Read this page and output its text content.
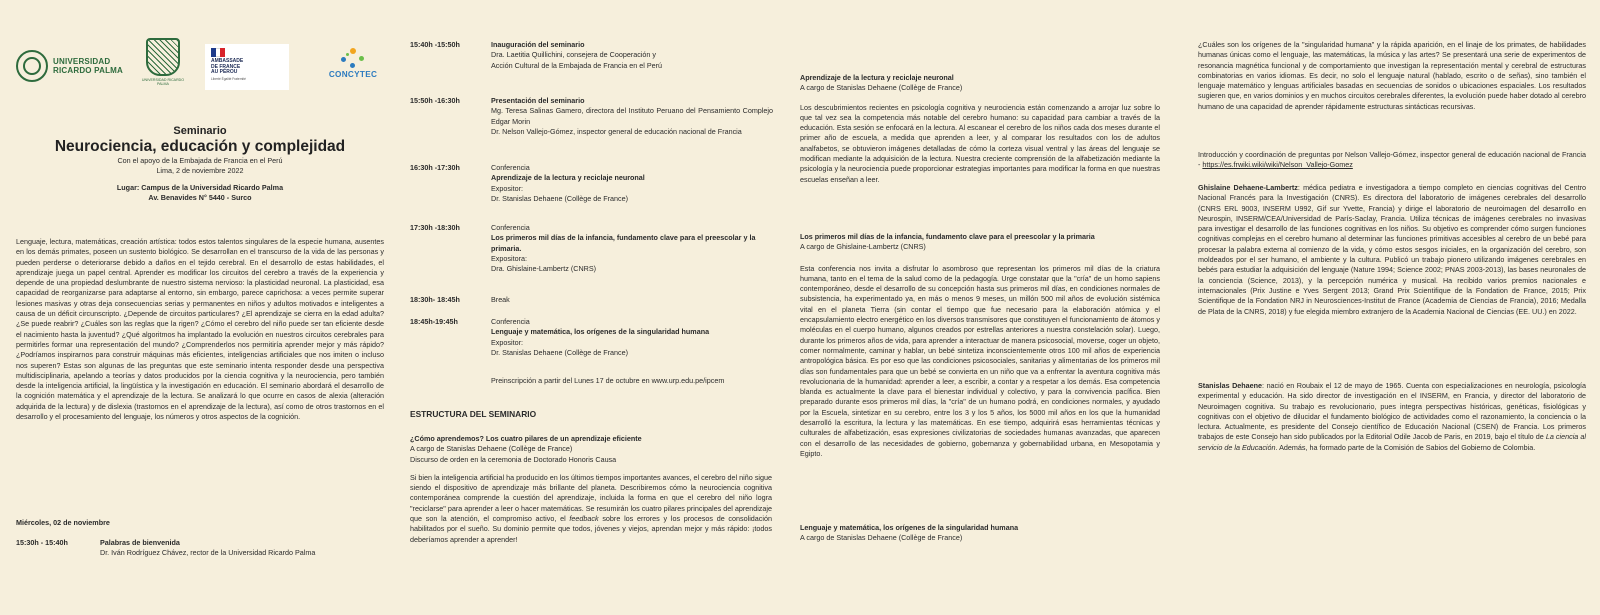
UNIVERSIDAD
RICARDO PALMA
UNIVERSIDAD RICARDO PALMA
AMBASSADE
DE FRANCE
AU PÉROU
Liberté Égalité Fraternité	CONCYTEC
Seminario
Neurociencia, educación y complejidad
Con el apoyo de la Embajada de Francia en el Perú
Lima, 2 de noviembre 2022
Lugar: Campus de la Universidad Ricardo Palma
Av. Benavides N° 5440 - Surco

Lenguaje, lectura, matemáticas, creación artística: todos estos talentos singulares de la especie humana, ausentes en los demás primates, poseen un sustento biológico. Se desarrollan en el transcurso de la vida de las personas y pueden perderse o deteriorarse debido a daños en el tejido cerebral. En el desarrollo de estas habilidades, el aprendizaje juega un papel central. Aprender es modificar los circuitos del cerebro a través de la experiencia y depende de una propiedad deslumbrante de nuestro sistema nervioso: la plasticidad neuronal. La plasticidad, esa capacidad de reorganizarse para adaptarse al entorno, sin embargo, parece caprichosa: a veces permite superar lesiones masivas y otras deja consecuencias serias y permanentes en niños y adultos motivados e inteligentes a causa de un déficit circunscripto. ¿Depende de circuitos particulares? ¿El aprendizaje se cierra en la edad adulta? ¿Se puede reabrir? ¿Cuáles son las reglas que la rigen? ¿Cómo el cerebro del niño puede ser tan eficiente desde el nacimiento hasta la juventud? ¿Qué algoritmos ha implantado la evolución en nuestros circuitos cerebrales para permitirles formar una representación del mundo? ¿Comprenderlos nos permitiría aprender mejor y más rápido? ¿Podríamos inspirarnos para construir máquinas más eficientes, inteligencias artificiales que nos imiten o incluso nos superen? Estas son algunas de las preguntas que este seminario intenta responder desde una perspectiva multidisciplinaria, apelando a teorías y datos producidos por la ciencia cognitiva y la neurociencia, pero también desde la inteligencia artificial, la lingüística y la investigación en educación. El seminario abordará el desarrollo de la cognición matemática y el aprendizaje de la lectura. Se analizará lo que ocurre en casos de alexia (alteración adquirida de la lectura) y de dislexia (trastornos en el aprendizaje de la lectura), así como de otros trastornos en el desarrollo y el procesamiento del lenguaje, los números y otros aspectos de la cognición.

Miércoles, 02 de noviembre
15:30h - 15:40h	Palabras de bienvenida
Dr. Iván Rodríguez Chávez, rector de la Universidad Ricardo Palma
15:40h -15:50h	Inauguración del seminario
Dra. Laetitia Quillichini, consejera de Cooperación y
Acción Cultural de la Embajada de Francia en el Perú
15:50h -16:30h	Presentación del seminario
Mg. Teresa Salinas Gamero, directora del Instituto Peruano del Pensamiento Complejo Edgar Morin
Dr. Nelson Vallejo-Gómez, inspector general de educación nacional de Francia
16:30h -17:30h	Conferencia
Aprendizaje de la lectura y reciclaje neuronal
Expositor:
Dr. Stanislas Dehaene (Collège de France)
17:30h -18:30h	Conferencia
Los primeros mil días de la infancia, fundamento clave para el preescolar y la primaria.
Expositora:
Dra. Ghislaine-Lambertz (CNRS)
18:30h- 18:45h	Break
18:45h-19:45h	Conferencia
Lenguaje y matemática, los orígenes de la singularidad humana
Expositor:
Dr. Stanislas Dehaene (Collège de France)
Preinscripción a partir del Lunes 17 de octubre en www.urp.edu.pe/ipcem
ESTRUCTURA DEL SEMINARIO
¿Cómo aprendemos? Los cuatro pilares de un aprendizaje eficiente
A cargo de Stanislas Dehaene (Collège de France)
Discurso de orden en la ceremonia de Doctorado Honoris Causa

Si bien la inteligencia artificial ha producido en los últimos tiempos importantes avances, el cerebro del niño sigue siendo el dispositivo de aprendizaje más brillante del planeta. Describiremos cómo la neurociencia cognitiva contemporánea comprende la cuestión del aprendizaje, incluida la forma en que el cerebro del niño logra "reciclarse" para aprender a leer o hacer matemáticas. Se resumirán los cuatro pilares principales del aprendizaje que son la atención, el compromiso activo, el feedback sobre los errores y los procesos de consolidación habilitados por el sueño. Su dominio permite que todos, jóvenes y viejos, aprendan mejor y más rápido: ¡todos deberíamos aprender a aprender!

Aprendizaje de la lectura y reciclaje neuronal
A cargo de Stanislas Dehaene (Collège de France)

Los descubrimientos recientes en psicología cognitiva y neurociencia están comenzando a arrojar luz sobre lo que tal vez sea la competencia más notable del cerebro humano: su capacidad para cambiar a través de la educación. Esta sesión se enfocará en la lectura. Al escanear el cerebro de los niños cada dos meses durante el primer año de escuela, a medida que aprenden a leer, y al comparar los resultados con los de adultos analfabetos, se obtuvieron imágenes detalladas de cómo la corteza visual ventral y las áreas del lenguaje se modifican mediante la adquisición de la lectura. Nuestra creciente comprensión de la alfabetización mediante la psicología y la neurociencia puede proporcionar estrategias importantes para modificar la forma en que nuestras escuelas enseñan a leer.

Los primeros mil días de la infancia, fundamento clave para el preescolar y la primaria
A cargo de Ghislaine-Lambertz (CNRS)

Esta conferencia nos invita a disfrutar lo asombroso que representan los primeros mil días de la criatura humana, tanto en el tema de la salud como de la pedagogía. Urge constatar que la "cría" de un homo sapiens contemporáneo, desde el desarrollo de su concepción hasta sus primeros mil días, en condiciones normales de subsistencia, ha experimentado ya, en más o menos 9 meses, un millón 500 mil años de evolución sistémica vital en el planeta Tierra (sin contar el tiempo que fue necesario para la elaboración atómica y el encapsulamiento electro energético en los diversos transmisores que constituyen el funcionamiento de átomos y moléculas en el cuerpo humano, algunos creados por estrellas anteriores a nuestra constelación solar). Luego, durante los primeros años de vida, para aprender a interactuar de manera psicosocial, moverse, coger un objeto, comer normalmente, caminar y hablar, un bebé sintetiza inconscientemente otros 100 mil años de experiencia antropológica básica. Es por eso que las condiciones psicosociales, sanitarias y alimentarias de los primeros mil días son fundamentales para que un bebé se convierta en un niño que va a enfrentar la aventura cognitiva más revolucionaria de la humanidad: aprender a leer, a escribir, a contar y a respetar a los demás. Esa competencia blanda es actualmente la clave para el bienestar individual y colectivo, y para la convivencia pacífica. Bien preparado durante esos primeros mil días, la "cría" de un humano podrá, en condiciones normales, y ayudado por la Escuela, sintetizar en su cerebro, entre los 3 y los 5 años, los 5000 mil años en los que la humanidad desarrolló la escritura, la lectura y las matemáticas. En ese tiempo, adquirirá esas herramientas técnicas y culturales de alfabetización, esas expresiones civilizatorias de sociedades humanas avanzadas, que aparecen con el desarrollo de las necesidades de gobierno, gobernanza y gobernabilidad urbana, en Mesopotamia y Egipto.

Lenguaje y matemática, los orígenes de la singularidad humana
A cargo de Stanislas Dehaene (Collège de France)

¿Cuáles son los orígenes de la "singularidad humana" y la rápida aparición, en el linaje de los primates, de habilidades humanas únicas como el lenguaje, las matemáticas, la música y las artes? Se presentará una serie de experimentos de resonancia magnética funcional y de comportamiento que investigan la representación mental y cerebral de estructuras combinatorias en varios idiomas. Es decir, no solo el lenguaje natural (hablado, escrito o de señas), sino también el lenguaje matemático y lenguas artificiales basadas en secuencias de sonidos o ubicaciones espaciales. Los resultados sugieren que, en varios dominios y en muchos circuitos cerebrales diferentes, la evolución puede haber dotado al cerebro humano de una capacidad de aprender rápidamente estructuras sintácticas recursivas.

Introducción y coordinación de preguntas por Nelson Vallejo-Gómez, inspector general de educación nacional de Francia - https://es.frwiki.wiki/wiki/Nelson_Vallejo-Gomez

Ghislaine Dehaene-Lambertz: médica pediatra e investigadora a tiempo completo en ciencias cognitivas del Centro Nacional Francés para la Investigación (CNRS). Es directora del laboratorio de imágenes cerebrales del desarrollo (CNRS ERL 9003, INSERM U992, Gif sur Yvette, Francia) y dirige el laboratorio de neuroimagen del desarrollo en Neurospin, INSERM/CEA/Universidad de París-Saclay, Francia. Utiliza técnicas de imágenes cerebrales no invasivas para investigar el desarrollo de las funciones cognitivas en los niños. Su objetivo es comprender cómo surgen funciones cognitivas complejas en el cerebro humano al determinar las funciones primitivas accesibles al cerebro de un bebé para procesar la palabra externa al comienzo de la vida, y cómo estos sesgos iniciales, en la organización del cerebro, son moldeados por el ser humano, el ambiente y la cultura. Publicó un trabajo pionero utilizando imágenes cerebrales en bebés para estudiar la adquisición del lenguaje (Nature 1994; Science 2002; PNAS 2003-2013), las bases neuronales de la conciencia (Science, 2013), y la percepción numérica y musical. Ha recibido varios premios nacionales e internacionales (Prix Justine e Yves Sergent 2013; Grand Prix Scientifique de la Fondation de France, 2015; Prix Scientifique de la Fondation NRJ in Neurosciences-Institut de France (Academia de Ciencias de Francia), 2016; Medalla de Plata de la CNRS, 2018) y fue elegida miembro extranjero de la Academia Nacional de Ciencias (EE. UU.) en 2022.

Stanislas Dehaene: nació en Roubaix el 12 de mayo de 1965. Cuenta con especializaciones en neurología, psicología experimental y educación. Ha sido director de investigación en el INSERM, en Francia, y director del laboratorio de Neuroimagen cognitiva. Su trabajo es revolucionario, pues integra perspectivas históricas, genéticas, fisiológicas y cognitivas con el objetivo de dilucidar el fundamento biológico de actividades como el razonamiento, la conciencia o la lectura. Actualmente, es presidente del Consejo científico de Educación Nacional (CSEN) de Francia. Los primeros trabajos de este Consejo han sido publicados por la Editorial Odile Jacob de Paris, en 2019, bajo el título de La ciencia al servicio de la Educación. Además, ha formado parte de la Comisión de Sabios del Gobierno de Colombia.
